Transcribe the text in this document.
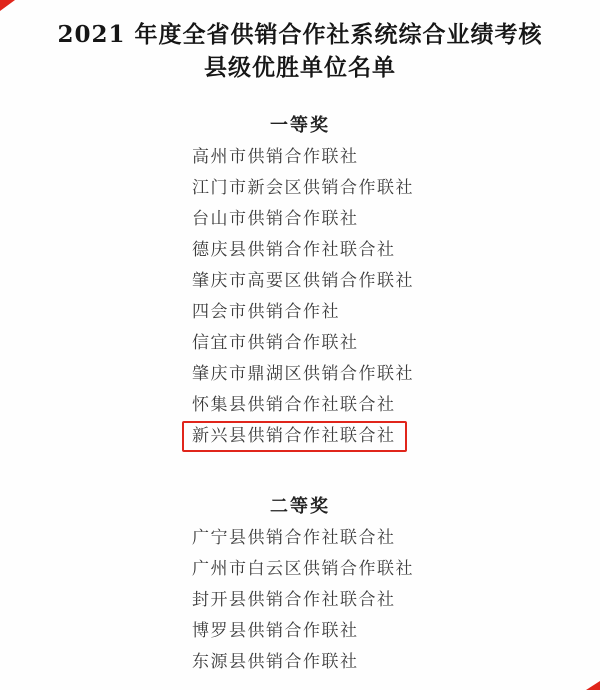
2021 年度全省供销合作社系统综合业绩考核
县级优胜单位名单
一等奖
高州市供销合作联社
江门市新会区供销合作联社
台山市供销合作联社
德庆县供销合作社联合社
肇庆市高要区供销合作联社
四会市供销合作社
信宜市供销合作联社
肇庆市鼎湖区供销合作联社
怀集县供销合作社联合社
新兴县供销合作社联合社
二等奖
广宁县供销合作社联合社
广州市白云区供销合作联社
封开县供销合作社联合社
博罗县供销合作联社
东源县供销合作联社
